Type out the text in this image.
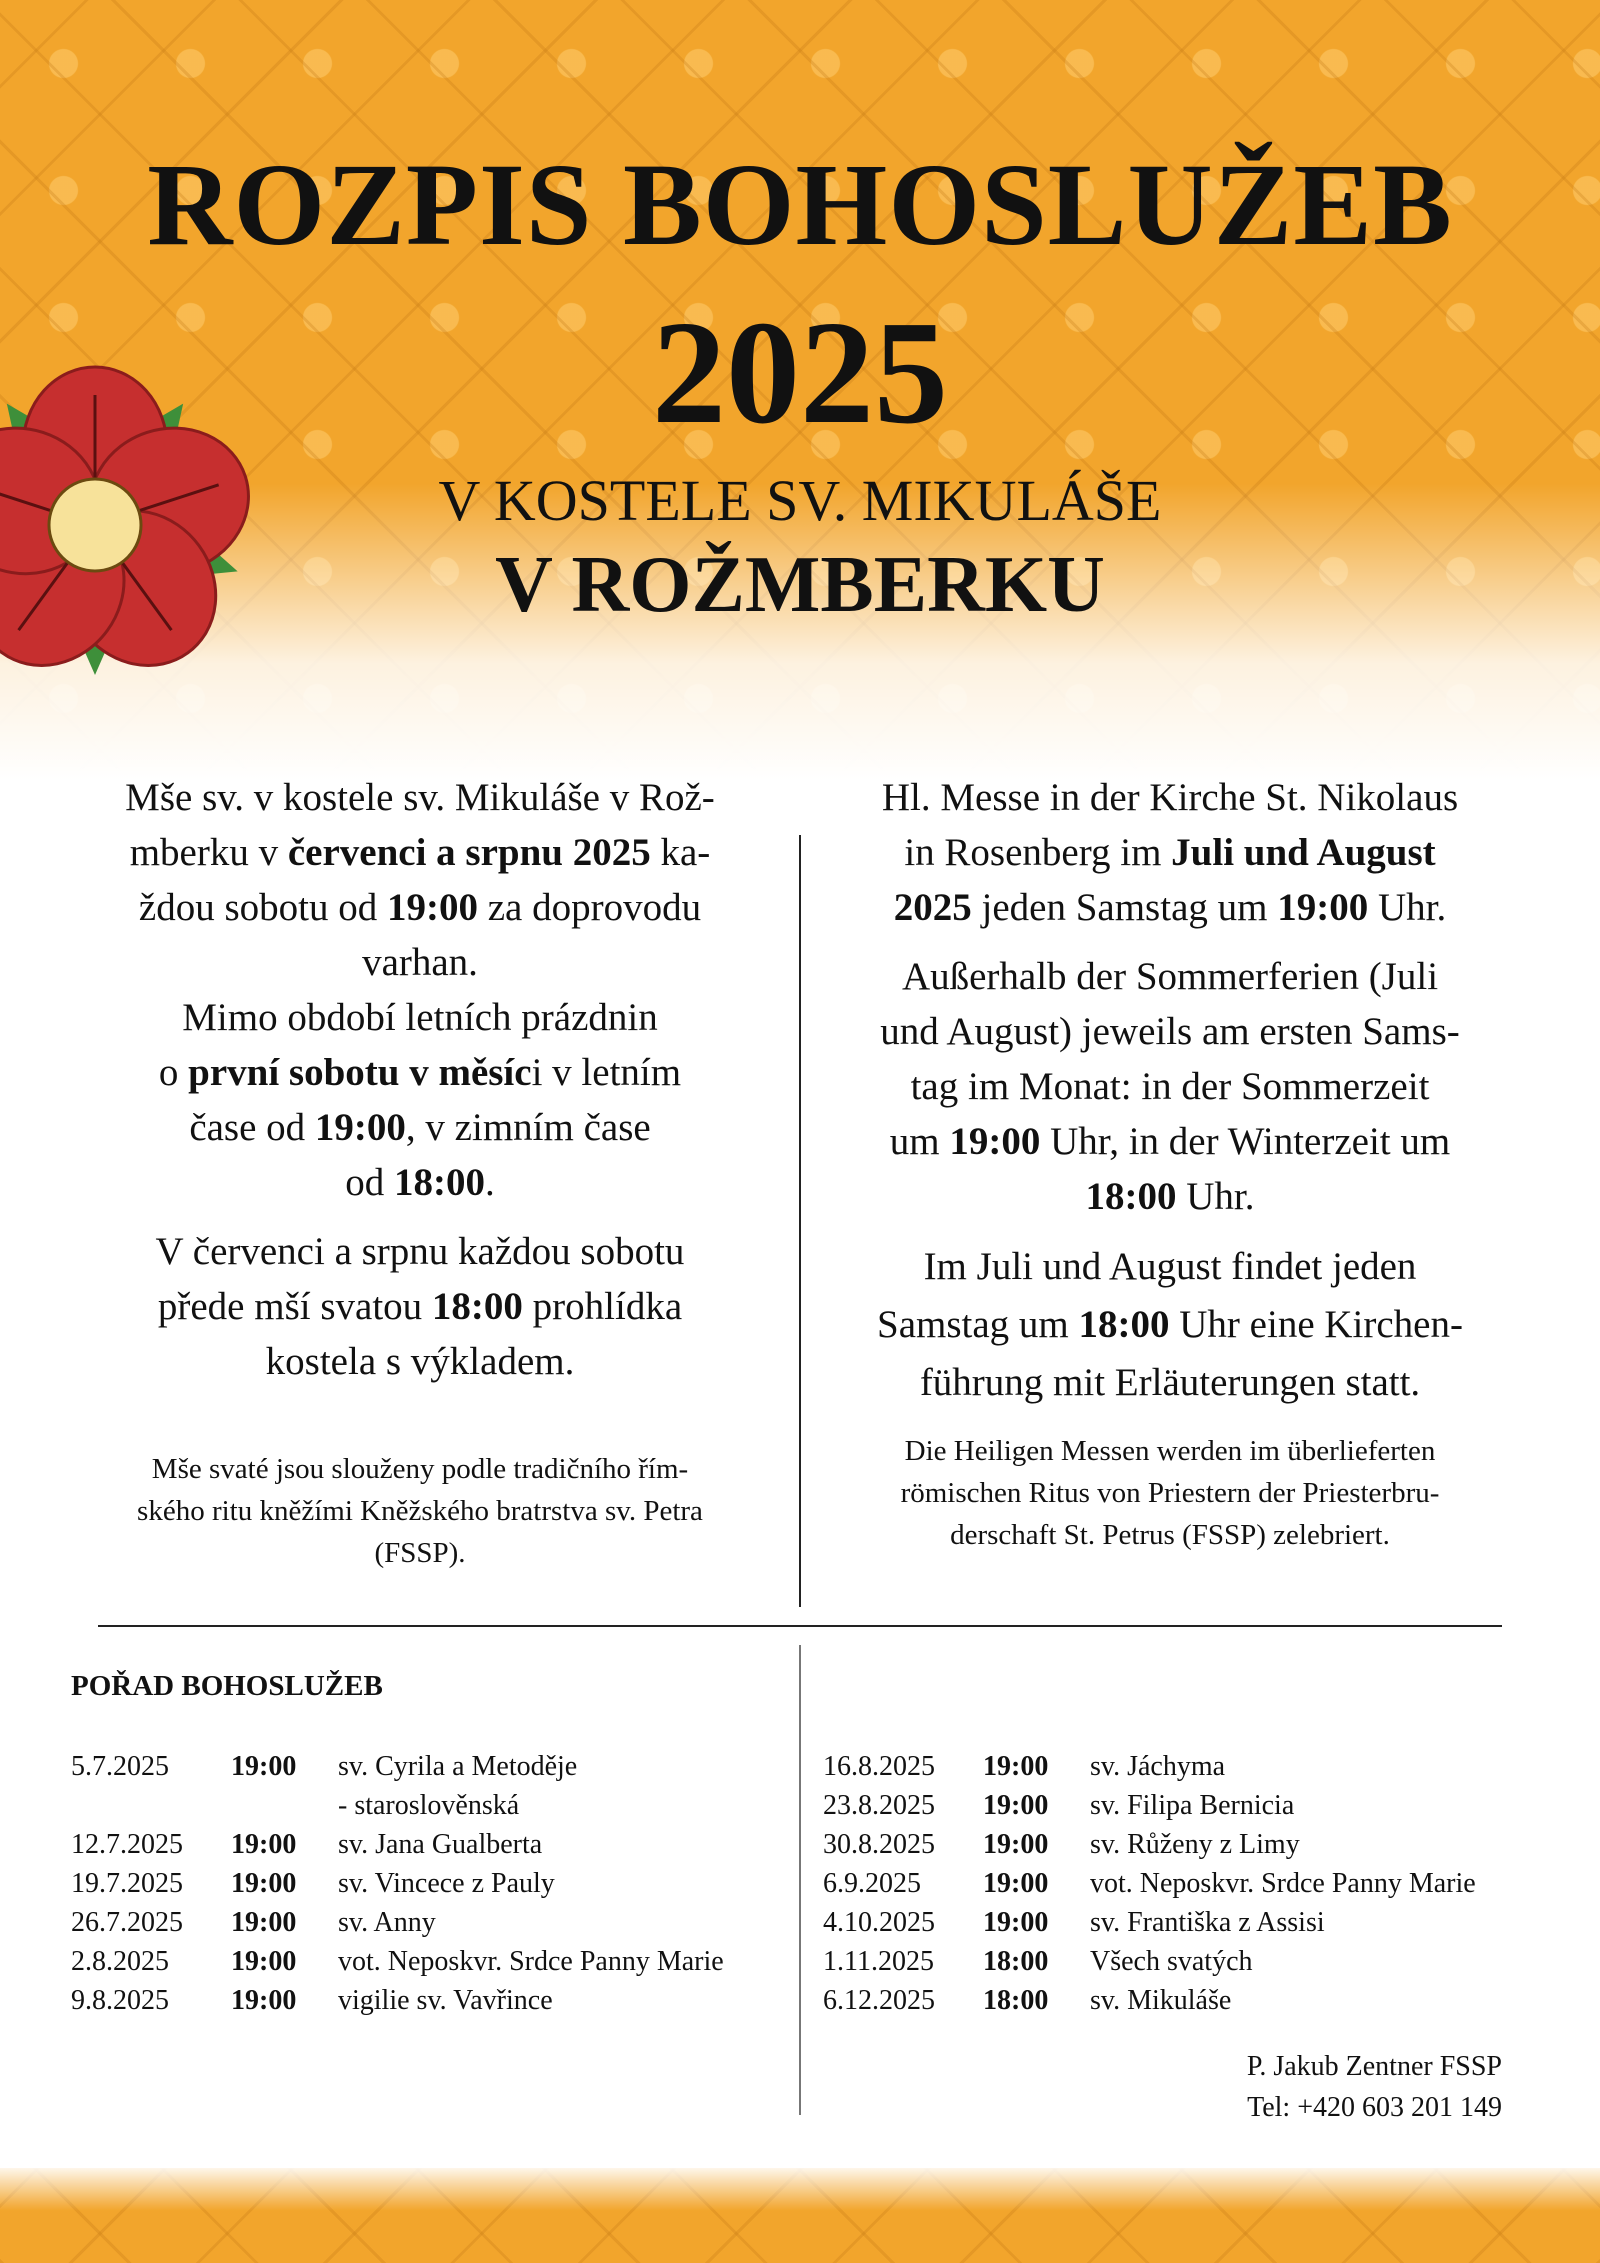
ROZPIS BOHOSLUŽEB
2025
V KOSTELE SV. MIKULÁŠE
V ROŽMBERKU

Mše sv. v kostele sv. Mikuláše v Rož-
mberku v červenci a srpnu 2025 ka-
ždou sobotu od 19:00 za doprovodu
varhan.

Mimo období letních prázdnin
o první sobotu v měsíci v letním
čase od 19:00, v zimním čase
od 18:00.

V červenci a srpnu každou sobotu
přede mší svatou 18:00 prohlídka
kostela s výkladem.

Mše svaté jsou slouženy podle tradičního řím-
ského ritu kněžími Kněžského bratrstva sv. Petra
(FSSP).

Hl. Messe in der Kirche St. Nikolaus
in Rosenberg im Juli und August
2025 jeden Samstag um 19:00 Uhr.

Außerhalb der Sommerferien (Juli
und August) jeweils am ersten Sams-
tag im Monat: in der Sommerzeit
um 19:00 Uhr, in der Winterzeit um
18:00 Uhr.

Im Juli und August findet jeden
Samstag um 18:00 Uhr eine Kirchen-
führung mit Erläuterungen statt.

Die Heiligen Messen werden im überlieferten
römischen Ritus von Priestern der Priesterbru-
derschaft St. Petrus (FSSP) zelebriert.
POŘAD BOHOSLUŽEB
5.7.2025	19:00	sv. Cyrila a Metoděje
- staroslověnská
12.7.2025	19:00	sv. Jana Gualberta
19.7.2025	19:00	sv. Vincece z Pauly
26.7.2025	19:00	sv. Anny
2.8.2025	19:00	vot. Neposkvr. Srdce Panny Marie
9.8.2025	19:00	vigilie sv. Vavřince
16.8.2025	19:00	sv. Jáchyma
23.8.2025	19:00	sv. Filipa Bernicia
30.8.2025	19:00	sv. Růženy z Limy
6.9.2025	19:00	vot. Neposkvr. Srdce Panny Marie
4.10.2025	19:00	sv. Františka z Assisi
1.11.2025	18:00	Všech svatých
6.12.2025	18:00	sv. Mikuláše
P. Jakub Zentner FSSP
Tel: +420 603 201 149
